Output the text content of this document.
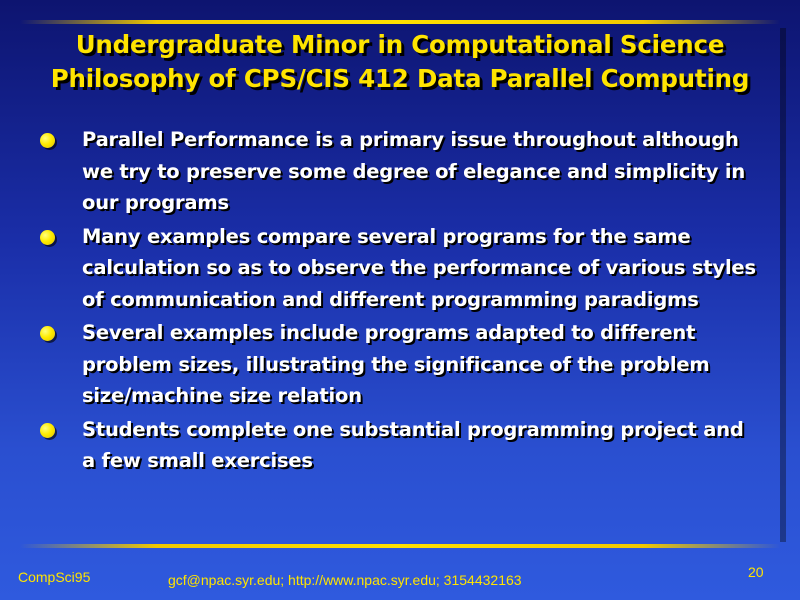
Undergraduate Minor in Computational Science
Philosophy of CPS/CIS 412 Data Parallel Computing
Parallel Performance is a primary issue throughout although we try to preserve some degree of elegance and simplicity in our programs
Many examples compare several programs for the same calculation so as to observe the performance of various styles of communication and different programming paradigms
Several examples include programs adapted to different problem sizes, illustrating the significance of the problem size/machine size relation
Students complete one substantial programming project and a few small exercises
CompSci95	gcf@npac.syr.edu; http://www.npac.syr.edu; 3154432163	20
